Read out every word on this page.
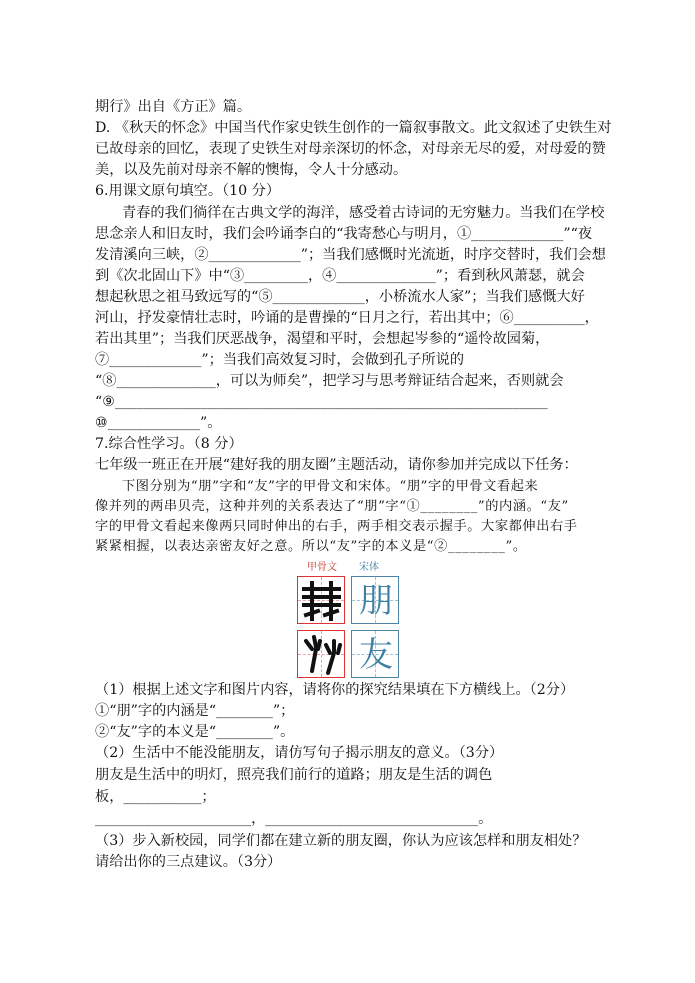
期行》出自《方正》篇。
D. 《秋天的怀念》中国当代作家史铁生创作的一篇叙事散文。此文叙述了史铁生对
已故母亲的回忆，表现了史铁生对母亲深切的怀念，对母亲无尽的爱，对母爱的赞
美，以及先前对母亲不解的懊悔，令人十分感动。
6.用课文原句填空。（10 分）
青春的我们徜徉在古典文学的海洋，感受着古诗词的无穷魅力。当我们在学校
思念亲人和旧友时，我们会吟诵李白的“我寄愁心与明月，①_____________”“夜
发清溪向三峡，②_____________”；当我们感慨时光流逝，时序交替时，我们会想
到《次北固山下》中“③_________，④______________”；看到秋风萧瑟，就会
想起秋思之祖马致远写的“⑤_____________，小桥流水人家”；当我们感慨大好
河山，抒发豪情壮志时，吟诵的是曹操的“日月之行，若出其中；⑥__________，
若出其里”；当我们厌恶战争，渴望和平时，会想起岑参的“遥怜故园菊，
⑦_____________”；当我们高效复习时，会做到孔子所说的
“⑧______________，可以为师矣”，把学习与思考辩证结合起来，否则就会
“⑨_____________________________________________________________
⑩_____________”。
7.综合性学习。（8 分）
七年级一班正在开展“建好我的朋友圈”主题活动，请你参加并完成以下任务：
下图分别为“朋”字和“友”字的甲骨文和宋体。“朋”字的甲骨文看起来
像并列的两串贝壳，这种并列的关系表达了“朋”字“①________”的内涵。“友”
字的甲骨文看起来像两只同时伸出的右手，两手相交表示握手。大家都伸出右手
紧紧相握，以表达亲密友好之意。所以“友”字的本义是“②________”。
甲骨文 宋体
朋
友
（1）根据上述文字和图片内容，请将你的探究结果填在下方横线上。（2分）
①“朋”字的内涵是“________”；
②“友”字的本义是“________”。
（2）生活中不能没能朋友，请仿写句子揭示朋友的意义。（3分）
朋友是生活中的明灯，照亮我们前行的道路；朋友是生活的调色
板，___________；
______________________，______________________________。
（3）步入新校园，同学们都在建立新的朋友圈，你认为应该怎样和朋友相处？
请给出你的三点建议。（3分）
